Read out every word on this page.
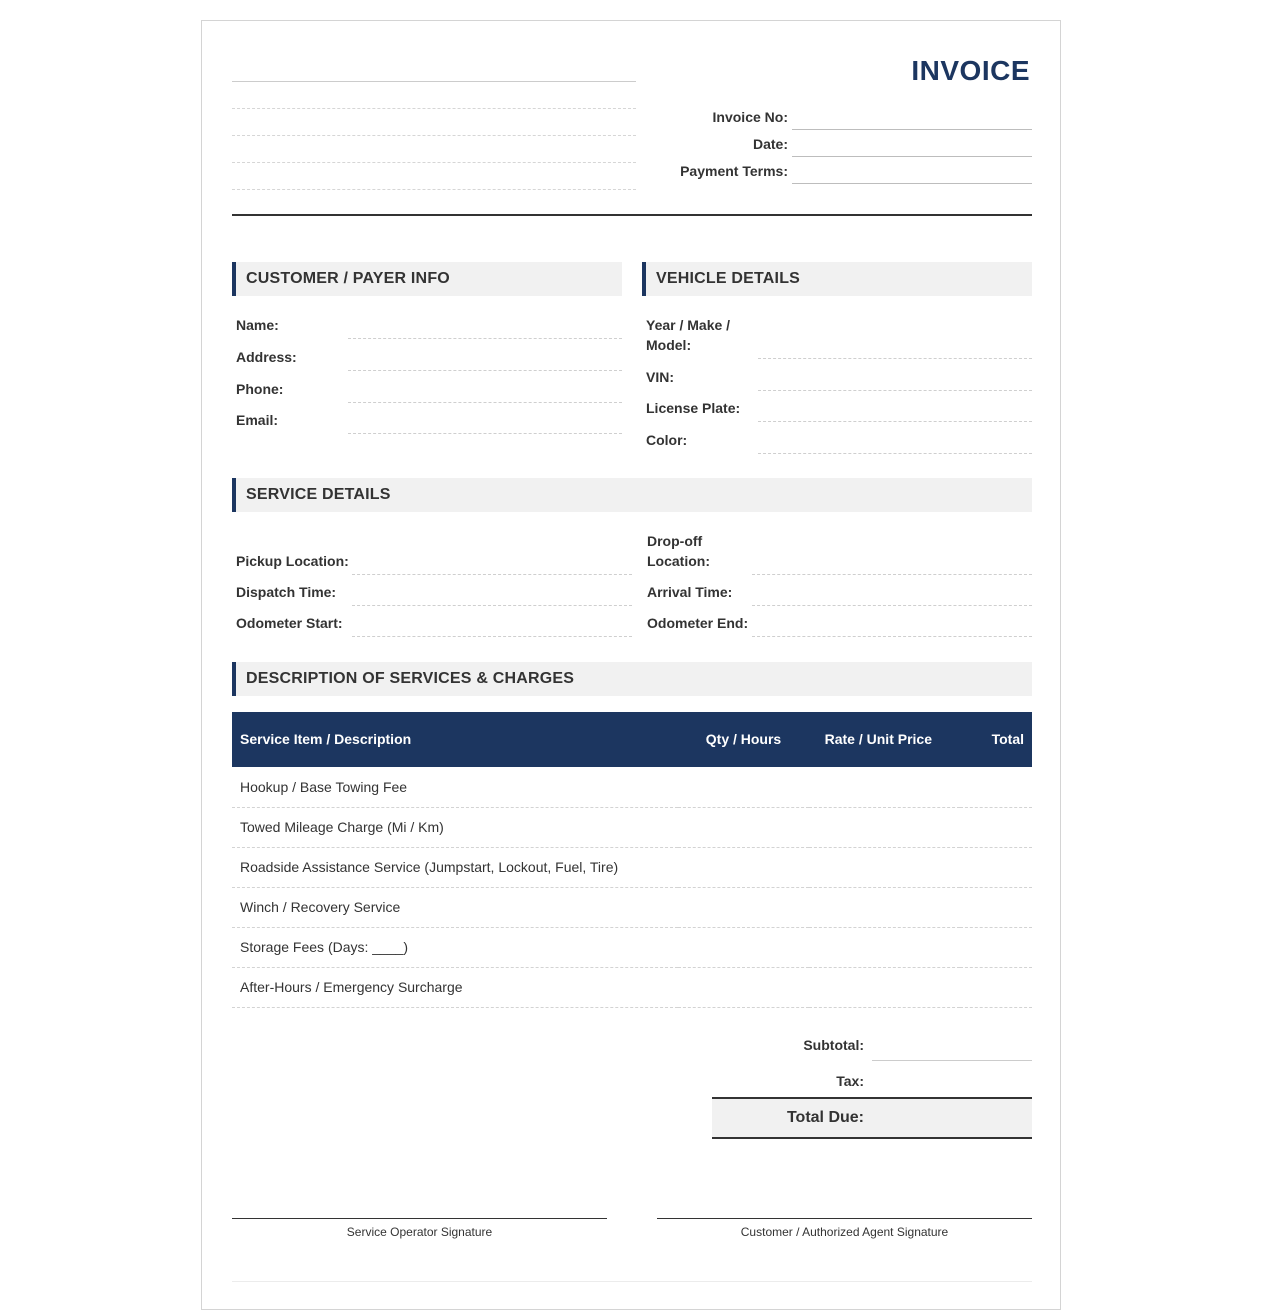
INVOICE
Invoice No:
Date:
Payment Terms:
CUSTOMER / PAYER INFO
Name:
Address:
Phone:
Email:
VEHICLE DETAILS
Year / Make / Model:
VIN:
License Plate:
Color:
SERVICE DETAILS
Pickup Location:
Dispatch Time:
Odometer Start:
Drop-off Location:
Arrival Time:
Odometer End:
DESCRIPTION OF SERVICES & CHARGES
Service Item / Description	Qty / Hours	Rate / Unit Price	Total
Hookup / Base Towing Fee			
Towed Mileage Charge (Mi / Km)			
Roadside Assistance Service (Jumpstart, Lockout, Fuel, Tire)			
Winch / Recovery Service			
Storage Fees (Days: ____)			
After-Hours / Emergency Surcharge			
Subtotal:
Tax:
Total Due:
Service Operator Signature	Customer / Authorized Agent Signature
